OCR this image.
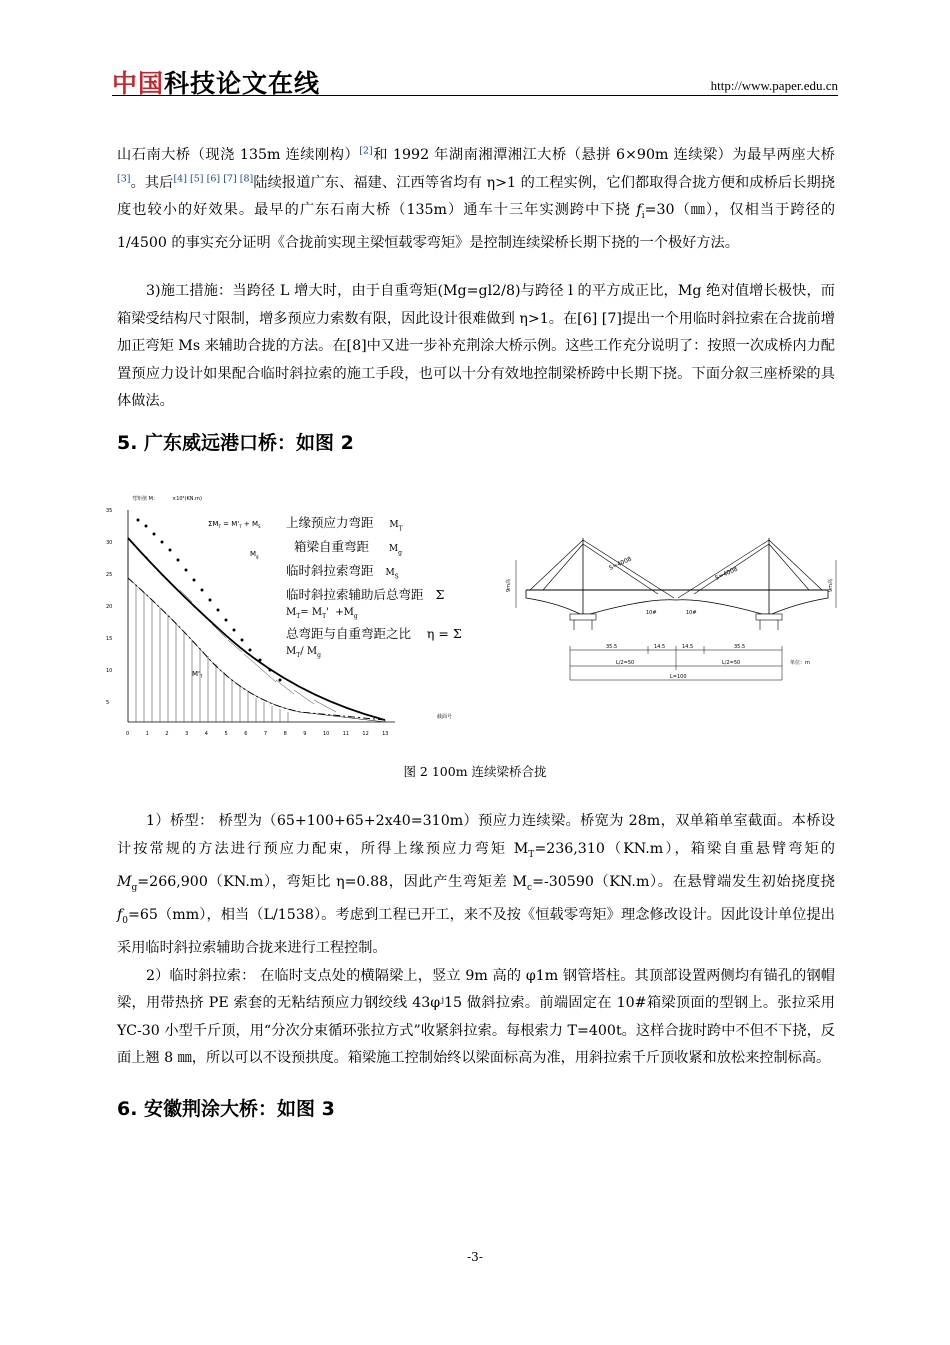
中国科技论文在线	http://www.paper.edu.cn

山石南大桥（现浇 135m 连续刚构）[2]和 1992 年湖南湘潭湘江大桥（悬拼 6×90m 连续梁）为最早两座大桥[3]。其后[4] [5] [6] [7] [8]陆续报道广东、福建、江西等省均有 η>1 的工程实例，它们都取得合拢方便和成桥后长期挠度也较小的好效果。最早的广东石南大桥（135m）通车十三年实测跨中下挠 $f_i=30(㎜)$，仅相当于跨径的 1/4500 的事实充分证明《合拢前实现主梁恒载零弯矩》是控制连续梁桥长期下挠的一个极好方法。

3)施工措施：当跨径 L 增大时，由于自重弯矩(Mg=gl2/8)与跨径 l 的平方成正比，Mg 绝对值增长极快，而箱梁受结构尺寸限制，增多预应力索数有限，因此设计很难做到 η>1。在[6] [7]提出一个用临时斜拉索在合拢前增加正弯矩 Ms 来辅助合拢的方法。在[8]中又进一步补充荆涂大桥示例。这些工作充分说明了：按照一次成桥内力配置预应力设计如果配合临时斜拉索的施工手段，也可以十分有效地控制梁桥跨中长期下挠。下面分叙三座桥梁的具体做法。

5. 广东威远港口桥：如图 2
弯矩值 M：	×10⁴(KN.m)
35
30
25
20
15
10
5
0	1	2	3	4	5	6	7	8	9	10	11	12	13
截面号
$\Sigma M_T = M'_T + M_S$
$M_g$
$M'_T$
上缘预应力弯距 $M_T$
箱梁自重弯距 $M_g$
临时斜拉索弯距 $M_S$
临时斜拉索辅助后总弯距 Σ
$M_T= M_T' +M_g$
总弯距与自重弯距之比 η = Σ
$M_T/$ $M_g$
S=4008
S=4008
9m高	9m高
10#	10#
35.5	14.5	14.5	35.5
L/2=50	L/2=50
L=100
单位：m
图 2 100m 连续梁桥合拢

1）桥型： 桥型为（65+100+65+2x40=310m）预应力连续梁。桥宽为 28m，双单箱单室截面。本桥设计按常规的方法进行预应力配束，所得上缘预应力弯矩 $M_T=236,310(KN.m)$，箱梁自重悬臂弯矩的 $M_g=266,900(KN.m)$，弯矩比 η=0.88，因此产生弯矩差 $M_c=-30590(KN.m)$。在悬臂端发生初始挠度挠 $f_0=65(mm)$，相当（L/1538）。考虑到工程已开工，来不及按《恒载零弯矩》理念修改设计。因此设计单位提出采用临时斜拉索辅助合拢来进行工程控制。

2）临时斜拉索： 在临时支点处的横隔梁上，竖立 9m 高的 φ1m 钢管塔柱。其顶部设置两侧均有锚孔的钢帽梁，用带热挤 PE 索套的无粘结预应力钢绞线 43φʲ15 做斜拉索。前端固定在 10#箱梁顶面的型钢上。张拉采用 YC-30 小型千斤顶，用“分次分束循环张拉方式”收紧斜拉索。每根索力 T=400t。这样合拢时跨中不但不下挠，反面上翘 8 ㎜，所以可以不设预拱度。箱梁施工控制始终以梁面标高为准，用斜拉索千斤顶收紧和放松来控制标高。

6. 安徽荆涂大桥：如图 3
-3-
